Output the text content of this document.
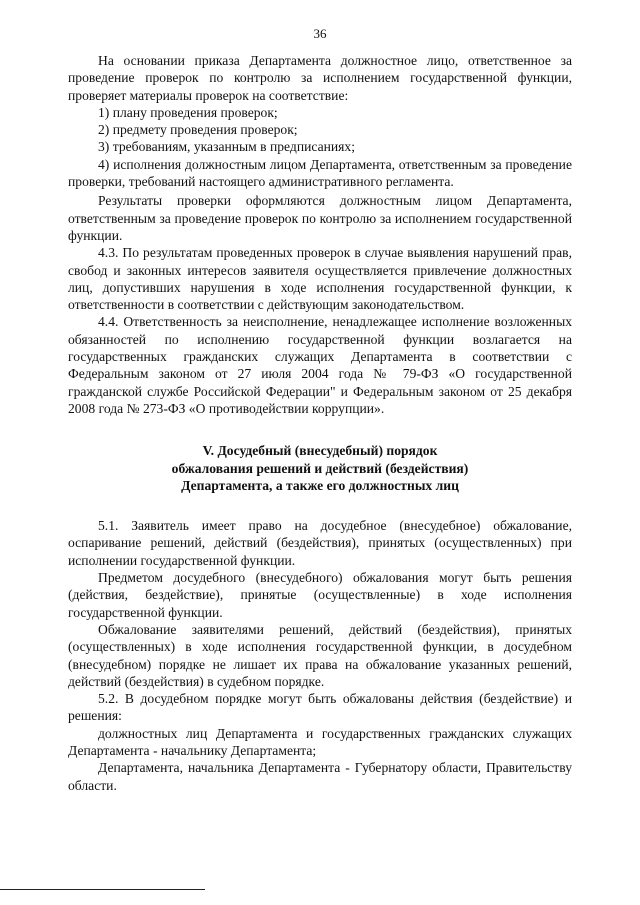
36

На основании приказа Департамента должностное лицо, ответственное за проведение проверок по контролю за исполнением государственной функции, проверяет материалы проверок на соответствие:

1) плану проведения проверок;

2) предмету проведения проверок;

3) требованиям, указанным в предписаниях;

4) исполнения должностным лицом Департамента, ответственным за проведение проверки, требований настоящего административного регламента.

Результаты проверки оформляются должностным лицом Департамента, ответственным за проведение проверок по контролю за исполнением государственной функции.

4.3. По результатам проведенных проверок в случае выявления нарушений прав, свобод и законных интересов заявителя осуществляется привлечение должностных лиц, допустивших нарушения в ходе исполнения государственной функции, к ответственности в соответствии с действующим законодательством.

4.4. Ответственность за неисполнение, ненадлежащее исполнение возложенных обязанностей по исполнению государственной функции возлагается на государственных гражданских служащих Департамента в соответствии с Федеральным законом от 27 июля 2004 года № 79-ФЗ «О государственной гражданской службе Российской Федерации" и Федеральным законом от 25 декабря 2008 года № 273-ФЗ «О противодействии коррупции».

V. Досудебный (внесудебный) порядок
обжалования решений и действий (бездействия)
Департамента, а также его должностных лиц

5.1. Заявитель имеет право на досудебное (внесудебное) обжалование, оспаривание решений, действий (бездействия), принятых (осуществленных) при исполнении государственной функции.

Предметом досудебного (внесудебного) обжалования могут быть решения (действия, бездействие), принятые (осуществленные) в ходе исполнения государственной функции.

Обжалование заявителями решений, действий (бездействия), принятых (осуществленных) в ходе исполнения государственной функции, в досудебном (внесудебном) порядке не лишает их права на обжалование указанных решений, действий (бездействия) в судебном порядке.

5.2. В досудебном порядке могут быть обжалованы действия (бездействие) и решения:

должностных лиц Департамента и государственных гражданских служащих Департамента - начальнику Департамента;

Департамента, начальника Департамента - Губернатору области, Правительству области.
